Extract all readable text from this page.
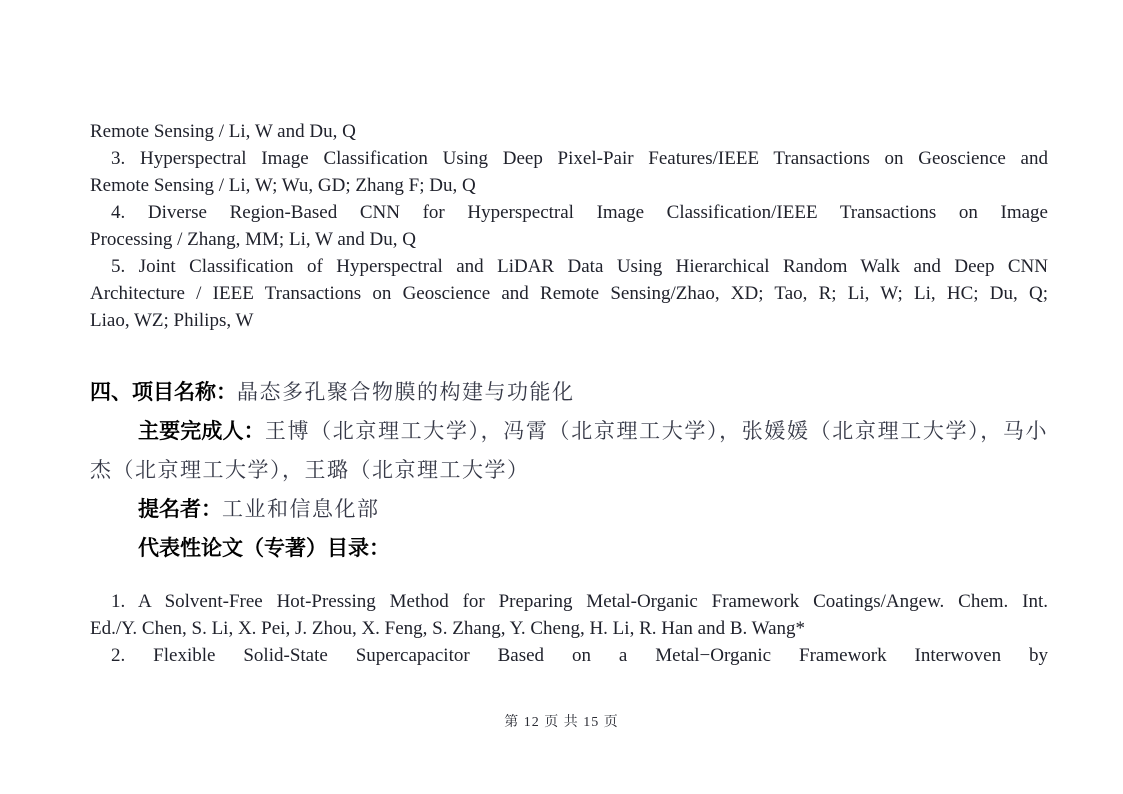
Remote Sensing / Li, W and Du, Q
3. Hyperspectral Image Classification Using Deep Pixel-Pair Features/IEEE Transactions on Geoscience and
Remote Sensing / Li, W; Wu, GD; Zhang F; Du, Q
4. Diverse Region-Based CNN for Hyperspectral Image Classification/IEEE Transactions on Image
Processing / Zhang, MM; Li, W and Du, Q
5. Joint Classification of Hyperspectral and LiDAR Data Using Hierarchical Random Walk and Deep CNN
Architecture / IEEE Transactions on Geoscience and Remote Sensing/Zhao, XD; Tao, R; Li, W; Li, HC; Du, Q;
Liao, WZ; Philips, W
四、项目名称：晶态多孔聚合物膜的构建与功能化
主要完成人：王博（北京理工大学），冯霄（北京理工大学），张媛媛（北京理工大学），马小
杰（北京理工大学），王璐（北京理工大学）
提名者：工业和信息化部
代表性论文（专著）目录：
1. A Solvent-Free Hot-Pressing Method for Preparing Metal-Organic Framework Coatings/Angew. Chem. Int.
Ed./Y. Chen, S. Li, X. Pei, J. Zhou, X. Feng, S. Zhang, Y. Cheng, H. Li, R. Han and B. Wang*
2. Flexible Solid-State Supercapacitor Based on a Metal−Organic Framework Interwoven by
第 12 页 共 15 页
